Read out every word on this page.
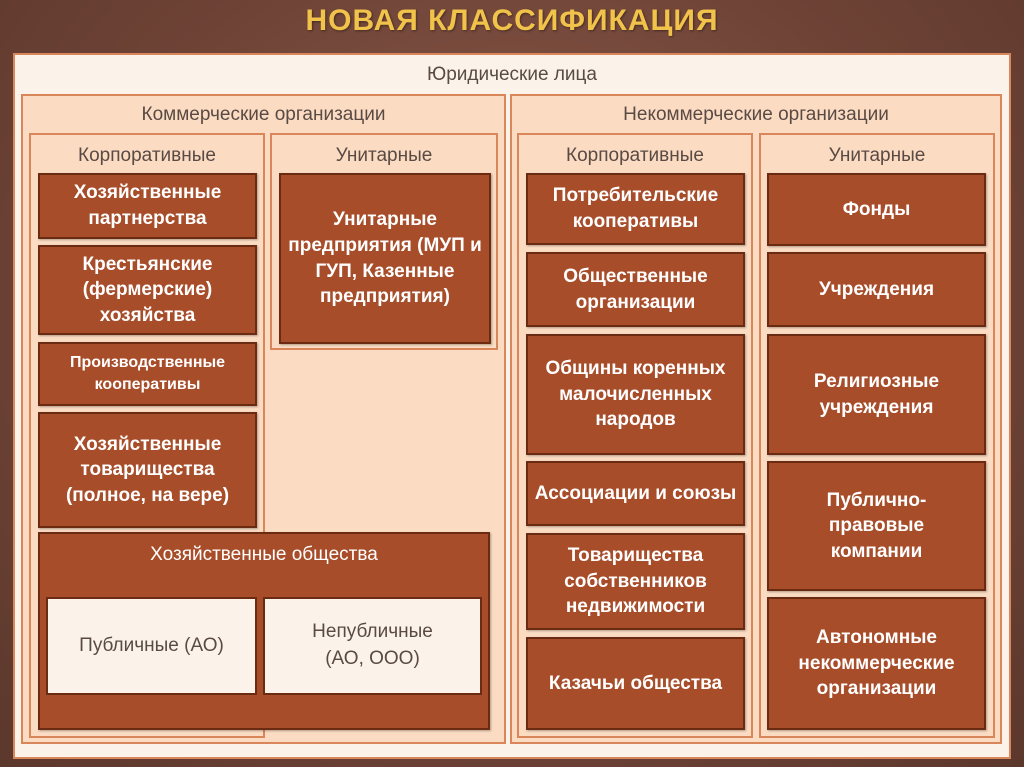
НОВАЯ КЛАССИФИКАЦИЯ
Юридические лица
Коммерческие организации
Корпоративные	Унитарные
Хозяйственные партнерства
Крестьянские (фермерские) хозяйства
Производственные кооперативы
Хозяйственные товарищества (полное, на вере)
Унитарные предприятия (МУП и ГУП, Казенные предприятия)
Хозяйственные общества
Публичные (АО)
Непубличные (АО, ООО)
Некоммерческие организации
Корпоративные	Унитарные
Потребительские кооперативы
Общественные организации
Общины коренных малочисленных народов
Ассоциации и союзы
Товарищества собственников недвижимости
Казачьи общества
Фонды
Учреждения
Религиозные учреждения
Публично-правовые компании
Автономные некоммерческие организации
